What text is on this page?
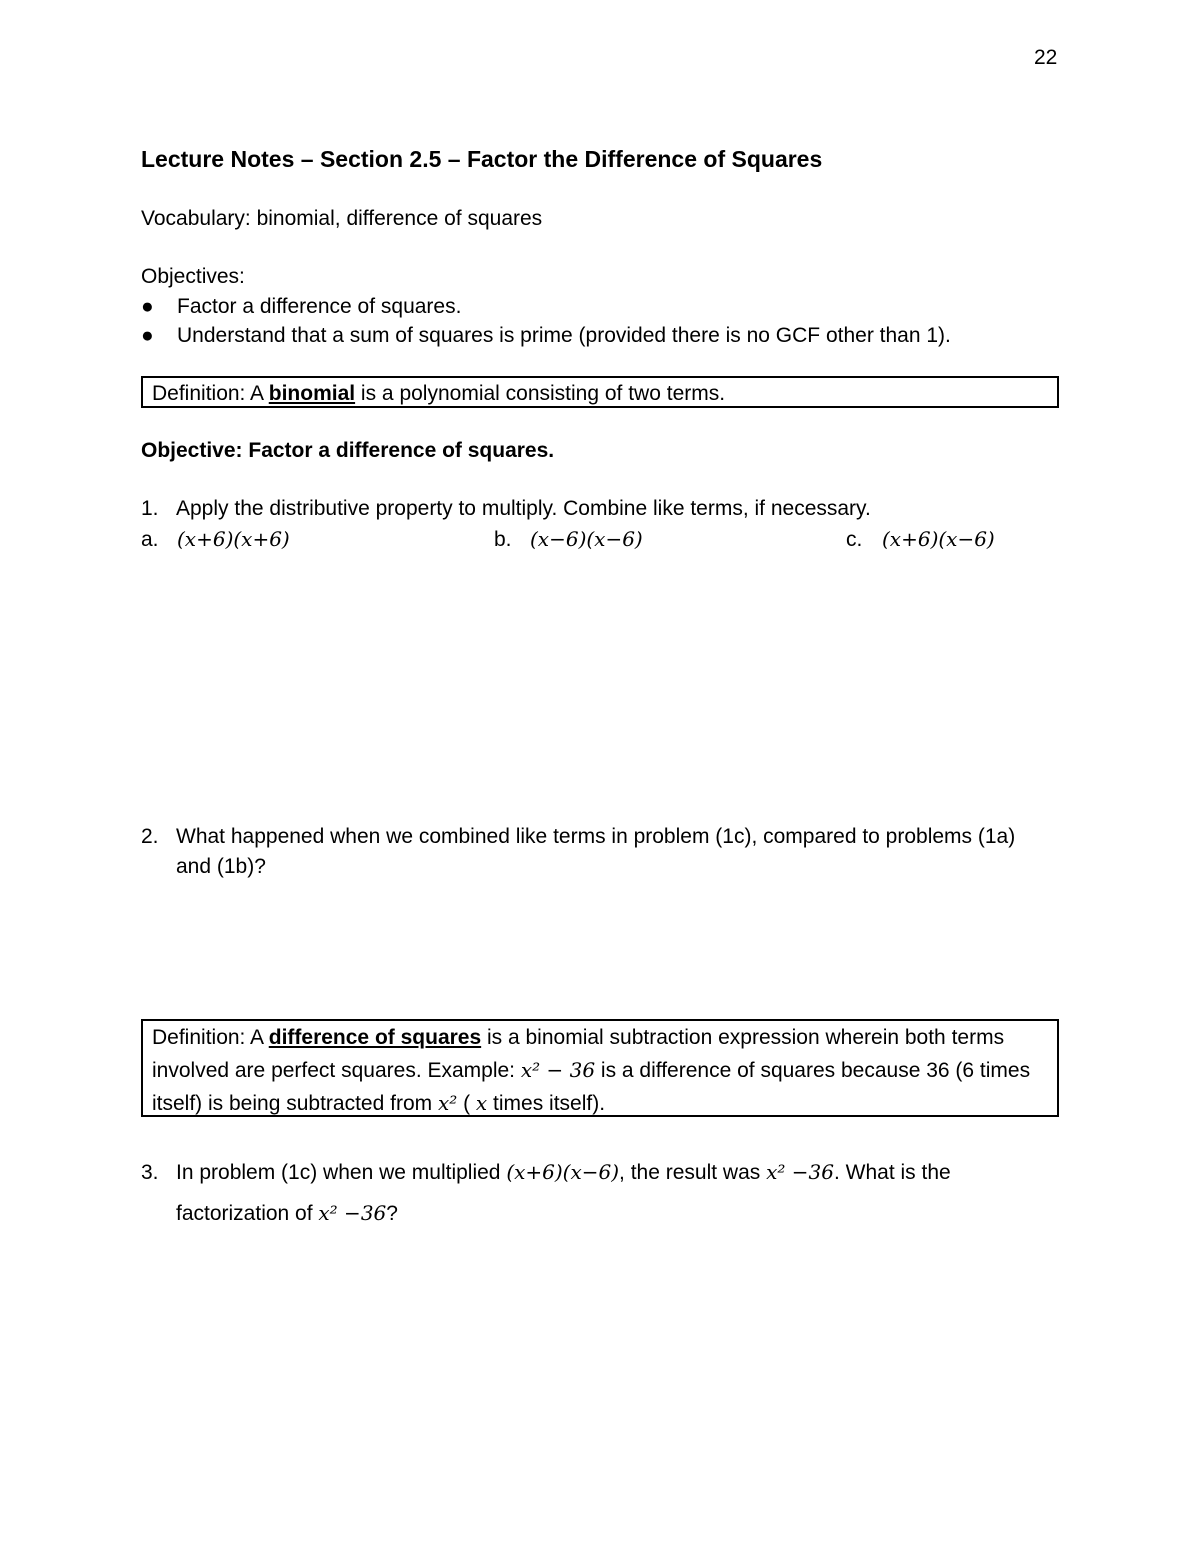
22
Lecture Notes – Section 2.5 – Factor the Difference of Squares
Vocabulary: binomial, difference of squares
Objectives:
● Factor a difference of squares.
● Understand that a sum of squares is prime (provided there is no GCF other than 1).
Definition: A binomial is a polynomial consisting of two terms.
Objective: Factor a difference of squares.
1. Apply the distributive property to multiply. Combine like terms, if necessary.
a. (x+6)(x+6)	b. (x−6)(x−6)	c. (x+6)(x−6)
2. What happened when we combined like terms in problem (1c), compared to problems (1a)
and (1b)?
Definition: A difference of squares is a binomial subtraction expression wherein both terms
involved are perfect squares. Example: x² − 36 is a difference of squares because 36 (6 times
itself) is being subtracted from x² ( x times itself).
3. In problem (1c) when we multiplied (x+6)(x−6), the result was x² −36. What is the
factorization of x² −36?
